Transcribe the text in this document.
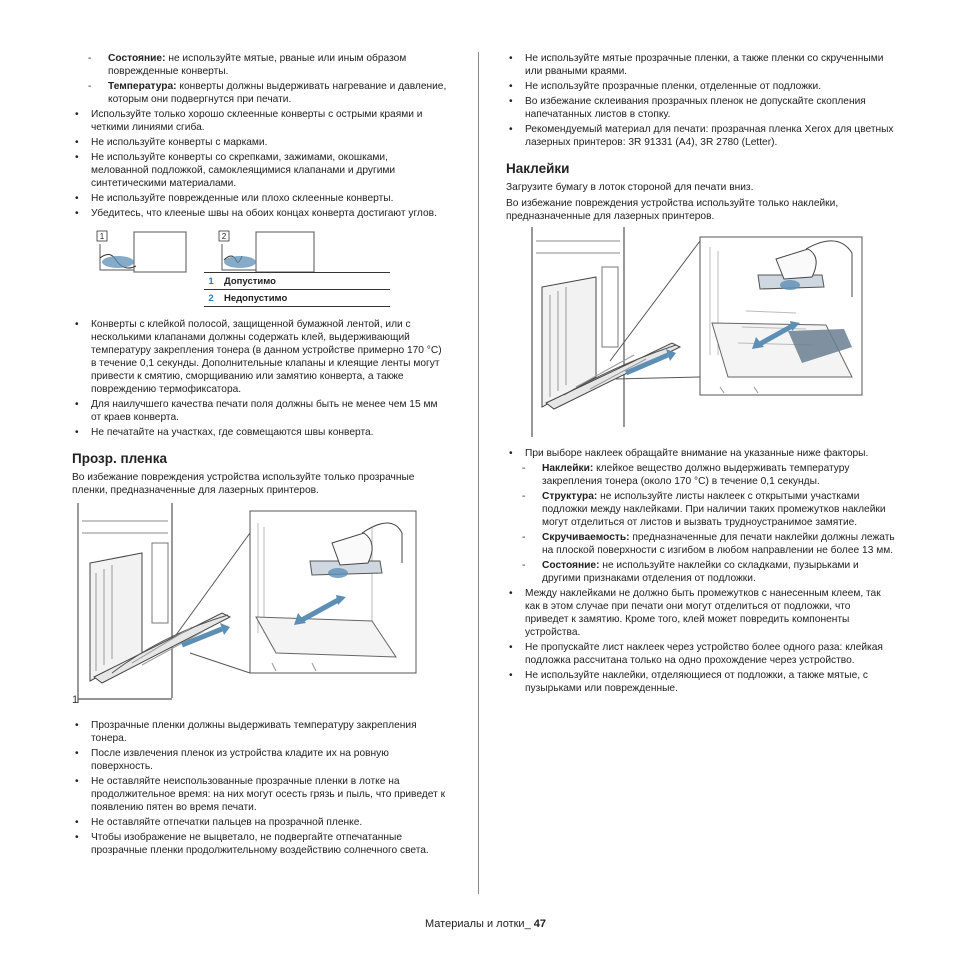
- Состояние: не используйте мятые, рваные или иным образом поврежденные конверты.
- Температура: конверты должны выдерживать нагревание и давление, которым они подвергнутся при печати.
• Используйте только хорошо склеенные конверты с острыми краями и четкими линиями сгиба.
• Не используйте конверты с марками.
• Не используйте конверты со скрепками, зажимами, окошками, мелованной подложкой, самоклеящимися клапанами и другими синтетическими материалами.
• Не используйте поврежденные или плохо склеенные конверты.
• Убедитесь, что клееные швы на обоих концах конверта достигают углов.
1	2
1	Допустимо
2	Недопустимо
• Конверты с клейкой полосой, защищенной бумажной лентой, или с несколькими клапанами должны содержать клей, выдерживающий температуру закрепления тонера (в данном устройстве примерно 170 °C) в течение 0,1 секунды. Дополнительные клапаны и клеящие ленты могут привести к смятию, сморщиванию или замятию конверта, а также повреждению термофиксатора.
• Для наилучшего качества печати поля должны быть не менее чем 15 мм от краев конверта.
• Не печатайте на участках, где совмещаются швы конверта.
Прозр. пленка

Во избежание повреждения устройства используйте только прозрачные пленки, предназначенные для лазерных принтеров.

1
• Прозрачные пленки должны выдерживать температуру закрепления тонера.
• После извлечения пленок из устройства кладите их на ровную поверхность.
• Не оставляйте неиспользованные прозрачные пленки в лотке на продолжительное время: на них могут осесть грязь и пыль, что приведет к появлению пятен во время печати.
• Не оставляйте отпечатки пальцев на прозрачной пленке.
• Чтобы изображение не выцветало, не подвергайте отпечатанные прозрачные пленки продолжительному воздействию солнечного света.
• Не используйте мятые прозрачные пленки, а также пленки со скрученными или рваными краями.
• Не используйте прозрачные пленки, отделенные от подложки.
• Во избежание склеивания прозрачных пленок не допускайте скопления напечатанных листов в стопку.
• Рекомендуемый материал для печати: прозрачная пленка Xerox для цветных лазерных принтеров: 3R 91331 (A4), 3R 2780 (Letter).
Наклейки

Загрузите бумагу в лоток стороной для печати вниз.

Во избежание повреждения устройства используйте только наклейки, предназначенные для лазерных принтеров.

• При выборе наклеек обращайте внимание на указанные ниже факторы.
- Наклейки: клейкое вещество должно выдерживать температуру закрепления тонера (около 170 °C) в течение 0,1 секунды.
- Структура: не используйте листы наклеек с открытыми участками подложки между наклейками. При наличии таких промежутков наклейки могут отделиться от листов и вызвать труднoустранимое замятие.
- Скручиваемость: предназначенные для печати наклейки должны лежать на плоской поверхности с изгибом в любом направлении не более 13 мм.
- Состояние: не используйте наклейки со складками, пузырьками и другими признаками отделения от подложки.
• Между наклейками не должно быть промежутков с нанесенным клеем, так как в этом случае при печати они могут отделиться от подложки, что приведет к замятию. Кроме того, клей может повредить компоненты устройства.
• Не пропускайте лист наклеек через устройство более одного раза: клейкая подложка рассчитана только на одно прохождение через устройство.
• Не используйте наклейки, отделяющиеся от подложки, а также мятые, с пузырьками или поврежденные.
Материалы и лотки_ 47
